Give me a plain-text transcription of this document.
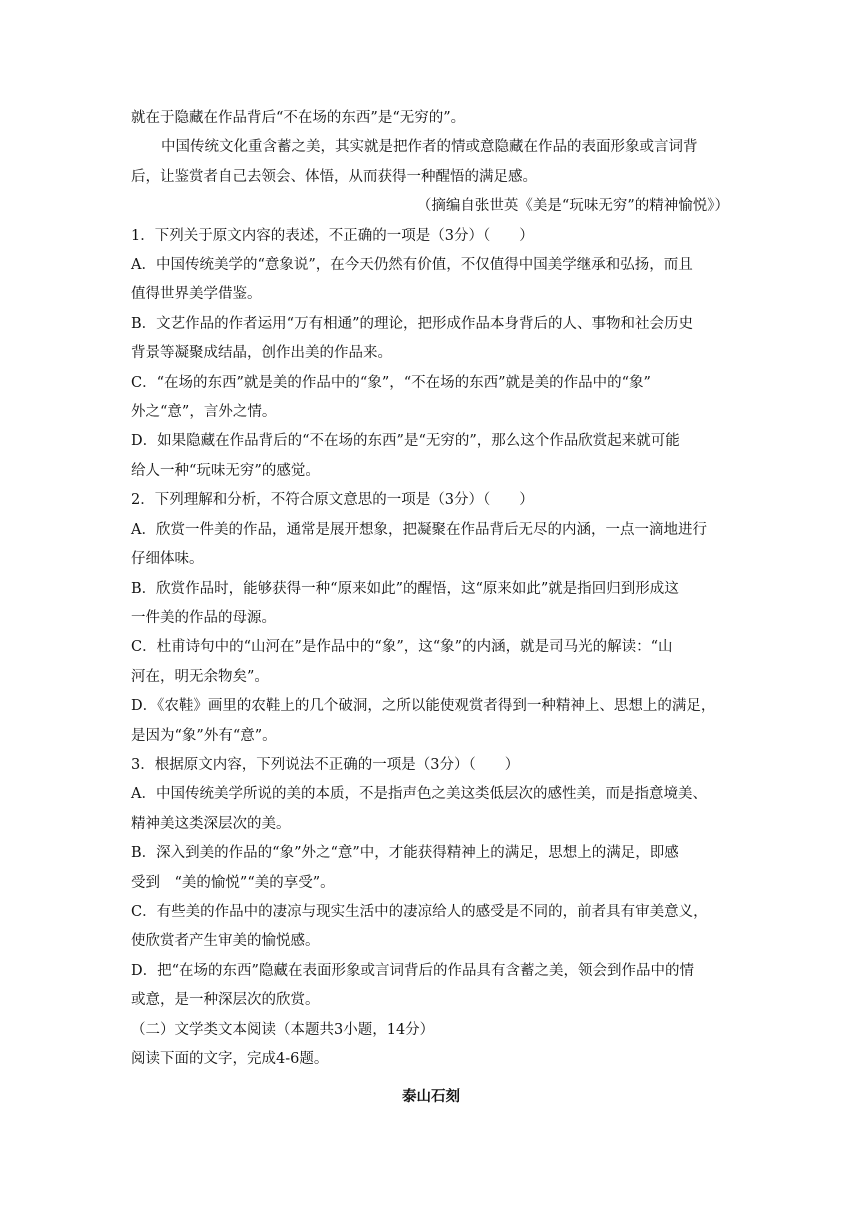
就在于隐藏在作品背后“不在场的东西”是“无穷的”。
中国传统文化重含蓄之美，其实就是把作者的情或意隐藏在作品的表面形象或言词背
后，让鉴赏者自己去领会、体悟，从而获得一种醒悟的满足感。
（摘编自张世英《美是“玩味无穷”的精神愉悦》）
1．下列关于原文内容的表述，不正确的一项是（3分）（　　）
A．中国传统美学的“意象说”，在今天仍然有价值，不仅值得中国美学继承和弘扬，而且
值得世界美学借鉴。
B．文艺作品的作者运用“万有相通”的理论，把形成作品本身背后的人、事物和社会历史
背景等凝聚成结晶，创作出美的作品来。
C．“在场的东西”就是美的作品中的“象”，“不在场的东西”就是美的作品中的“象”
外之“意”，言外之情。
D．如果隐藏在作品背后的“不在场的东西”是“无穷的”，那么这个作品欣赏起来就可能
给人一种“玩味无穷”的感觉。
2．下列理解和分析，不符合原文意思的一项是（3分）（　　）
A．欣赏一件美的作品，通常是展开想象，把凝聚在作品背后无尽的内涵，一点一滴地进行
仔细体味。
B．欣赏作品时，能够获得一种“原来如此”的醒悟，这“原来如此”就是指回归到形成这
一件美的作品的母源。
C．杜甫诗句中的“山河在”是作品中的“象”，这“象”的内涵，就是司马光的解读：“山
河在，明无余物矣”。
D．《农鞋》画里的农鞋上的几个破洞，之所以能使观赏者得到一种精神上、思想上的满足，
是因为“象”外有“意”。
3．根据原文内容，下列说法不正确的一项是（3分）（　　）
A．中国传统美学所说的美的本质，不是指声色之美这类低层次的感性美，而是指意境美、
精神美这类深层次的美。
B．深入到美的作品的“象”外之“意”中，才能获得精神上的满足，思想上的满足，即感
受到　“美的愉悦”“美的享受”。
C．有些美的作品中的凄凉与现实生活中的凄凉给人的感受是不同的，前者具有审美意义，
使欣赏者产生审美的愉悦感。
D．把“在场的东西”隐藏在表面形象或言词背后的作品具有含蓄之美，领会到作品中的情
或意，是一种深层次的欣赏。
（二）文学类文本阅读（本题共3小题，14分）
阅读下面的文字，完成4-6题。
泰山石刻
